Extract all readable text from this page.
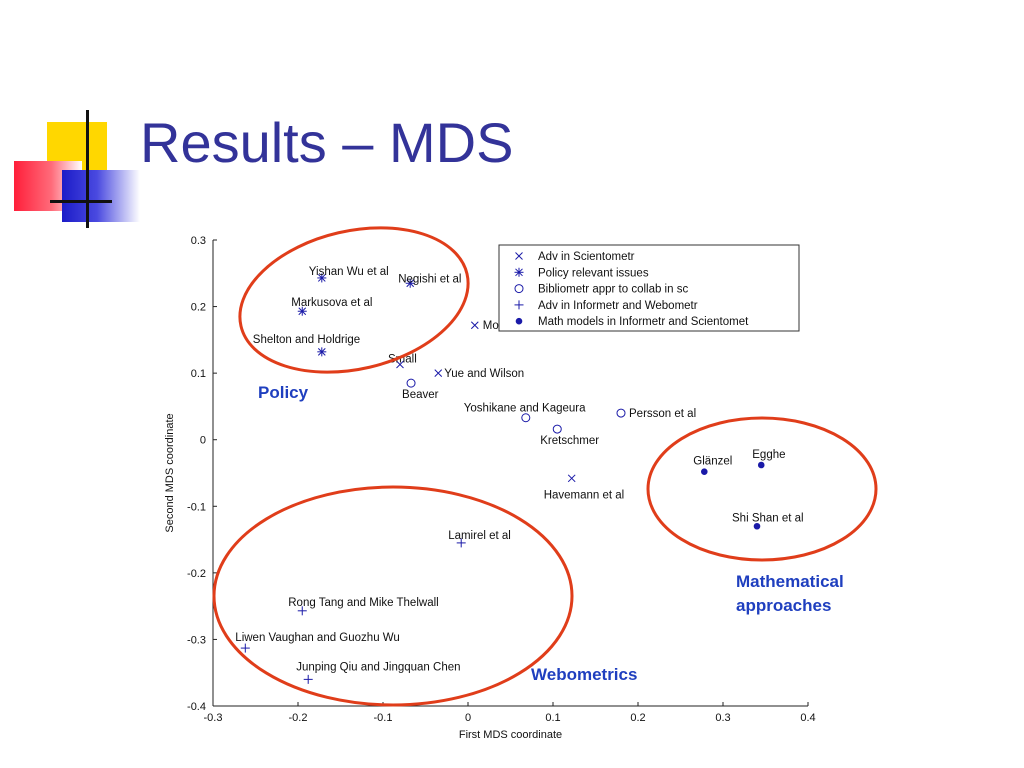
Results – MDS
-0.3	-0.2	-0.1	0	0.1	0.2	0.3	0.4
-0.4
-0.3
-0.2
-0.1
0
0.1
0.2
0.3
First MDS coordinate
Second MDS coordinate
Mo
Small
Yue and Wilson
Havemann et al
Yishan Wu et al
Negishi et al
Markusova et al
Shelton and Holdrige
Beaver
Yoshikane and Kageura	Persson et al
Kretschmer
Lamirel et al
Rong Tang and Mike Thelwall
Liwen Vaughan and Guozhu Wu
Junping Qiu and Jingquan Chen
Glänzel
Egghe
Shi Shan et al
Adv in Scientometr
Policy relevant issues
Bibliometr appr to collab in sc
Adv in Informetr and Webometr
Math models in Informetr and Scientomet
Policy
Mathematical approaches
Webometrics
